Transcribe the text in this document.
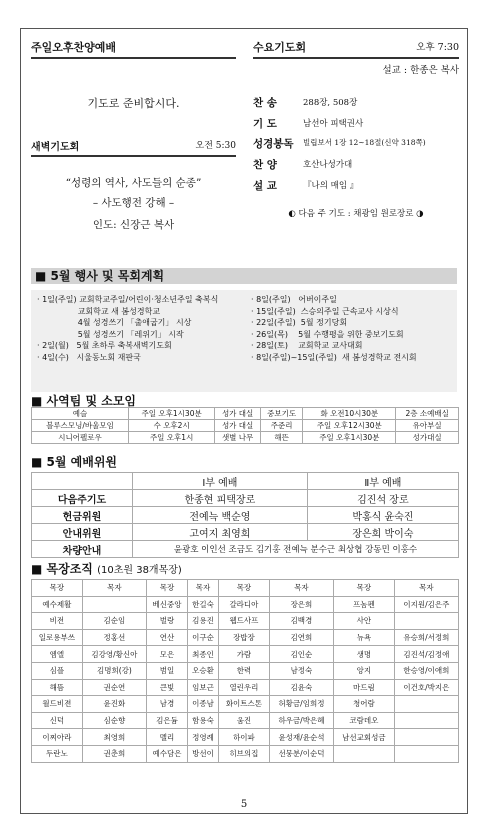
주일오후찬양예배
기도로 준비합시다.
새벽기도회	오전 5:30
“성령의 역사, 사도들의 순종”
– 사도행전 강해 –
인도: 신장근 복사
수요기도회	오후 7:30
설교 : 한종은 복사
찬 송	288장, 508장
기 도	남선아 피택권사
성경봉독 빌립보서 1장 12~18절(신약 318쪽)
찬 양	호산나성가대
설 교	『나의 매임 』
◐ 다음 주 기도 : 채광임 원로장로 ◑
■ 5월 행사 및 목회계획
· 1일(주일) 교회학교주일/어린이·청소년주일 축복식
교회학교 새 봄성경학교
4월 성경쓰기 「출애굽기」 시상
5월 성경쓰기 「레위기」 시작
· 2일(월)   5월 초하루 축복새벽기도회
· 4일(수)   시울동노회 재판국
· 8일(주일)   어버이주일
· 15일(주일)  스승의주일 근속교사 시상식
· 22일(주일)  5월 정기당회
· 26일(목)    5월 수행평을 위한 중보기도회
· 28일(토)    교회학교 교사대회
· 8일(주일)~15일(주일)  새 봄성경학교 전시회
■ 사역팀 및 소모임
예슬	주일 오후1시30분	성가 대실	중보기도	화 오전10시30분	2층 소예배실
블루스모닝/바울모임	수 오후2시	성가 대실	주준리	주일 오후12시30분	유아부실
시니어펠로우	주일 오후1시	샛별 나무	해뜬	주일 오후1시30분	성가대실
■ 5월 예배위원
	Ⅰ부 예배	Ⅱ부 예배
다음주기도	한종현 피택장로	김진석 장로
헌금위원	전예늑 백순영	박홍식 윤숙진
안내위원	고여지 최영희	장은희 박이숙
차량안내	윤광호 이인선 조금도 김기홍 전예늑 분수근 최상협 강동민 이홍수	
■ 목장조직 (10초원 38개목장)
목장	목자	목장	목자	목장	목자	목장	목자
예수제활		베신중앙	한길숙	갈라디아	장은희	프놈펜	이지원/김은주
비전	김순임	벌랑	김용진	웹드사프	김백경	사안	
일로용부쓰	정홍선	연산	이구순	장밥장	김연희	뉴욕	유승희/서정희
엠엘	김강영/황신아	모은	최종인	가람	김인순	생명	김진석/김정애
심플	김명희(강)	범일	오승환	한력	남정숙	앙지	한승영/이애희
해뜸	권순연	큰빛	임보근	열린우리	김윤숙	마드림	이건호/박지은
월드비젼	윤진화	남경	이종남	화이트스톤	허황금/임희정	청어람	
신덕	심순향	김은듐	함용숙	움진	하우금/박은혜	코람데오	
이찌아라	최영희	멜리	정영례	하이파	윤성재/윤순석	남선교회성금	
두란노	권춘희	예수담은	방선이	히브의집	선뭉분/이순덕		
5
